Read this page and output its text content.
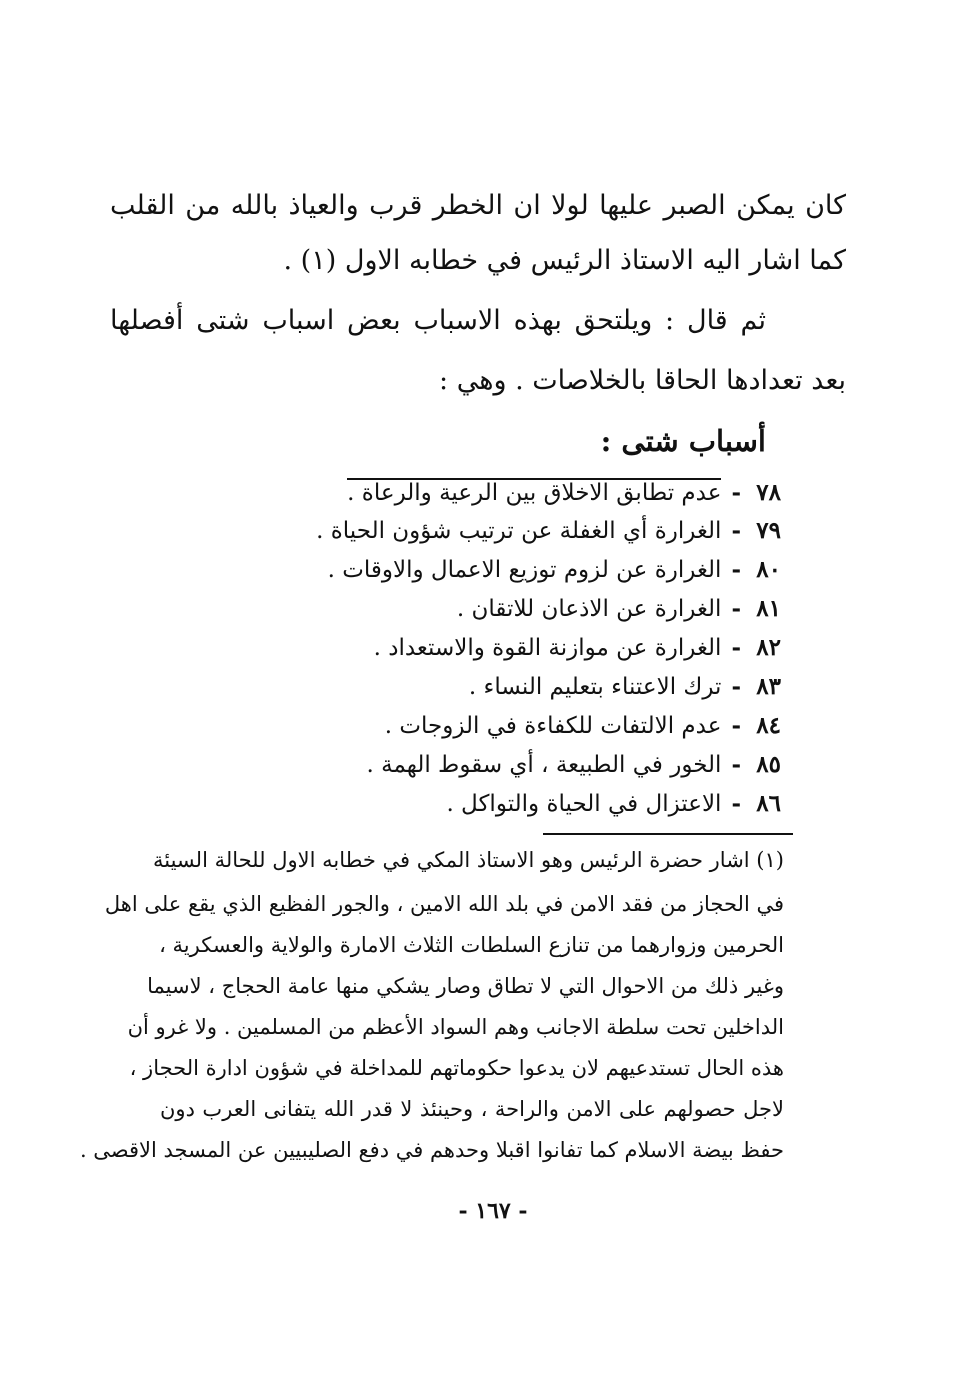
كان يمكن الصبر عليها لولا ان الخطر قرب والعياذ بالله من القلب
كما اشار اليه الاستاذ الرئيس في خطابه الاول (١) .
ثم قال : ويلتحق بهذه الاسباب بعض اسباب شتى أفصلها
بعد تعدادها الحاقا بالخلاصات . وهي :
أسباب شتى :
٧٨
-
عدم تطابق الاخلاق بين الرعية والرعاة .
٧٩
-
الغرارة أي الغفلة عن ترتيب شؤون الحياة .
٨٠
-
الغرارة عن لزوم توزيع الاعمال والاوقات .
٨١
-
الغرارة عن الاذعان للاتقان .
٨٢
-
الغرارة عن موازنة القوة والاستعداد .
٨٣
-
ترك الاعتناء بتعليم النساء .
٨٤
-
عدم الالتفات للكفاءة في الزوجات .
٨٥
-
الخور في الطبيعة ، أي سقوط الهمة .
٨٦
-
الاعتزال في الحياة والتواكل .
(١) اشار حضرة الرئيس وهو الاستاذ المكي في خطابه الاول للحالة السيئة
في الحجاز من فقد الامن في بلد الله الامين ، والجور الفظيع الذي يقع على اهل
الحرمين وزوارهما من تنازع السلطات الثلاث الامارة والولاية والعسكرية ،
وغير ذلك من الاحوال التي لا تطاق وصار يشكي منها عامة الحجاج ، لاسيما
الداخلين تحت سلطة الاجانب وهم السواد الأعظم من المسلمين . ولا غرو أن
هذه الحال تستدعيهم لان يدعوا حكوماتهم للمداخلة في شؤون ادارة الحجاز ،
لاجل حصولهم على الامن والراحة ، وحينئذ لا قدر الله يتفانى العرب دون
حفظ بيضة الاسلام كما تفانوا اقبلا وحدهم في دفع الصليبيين عن المسجد الاقصى .
- ١٦٧ -
